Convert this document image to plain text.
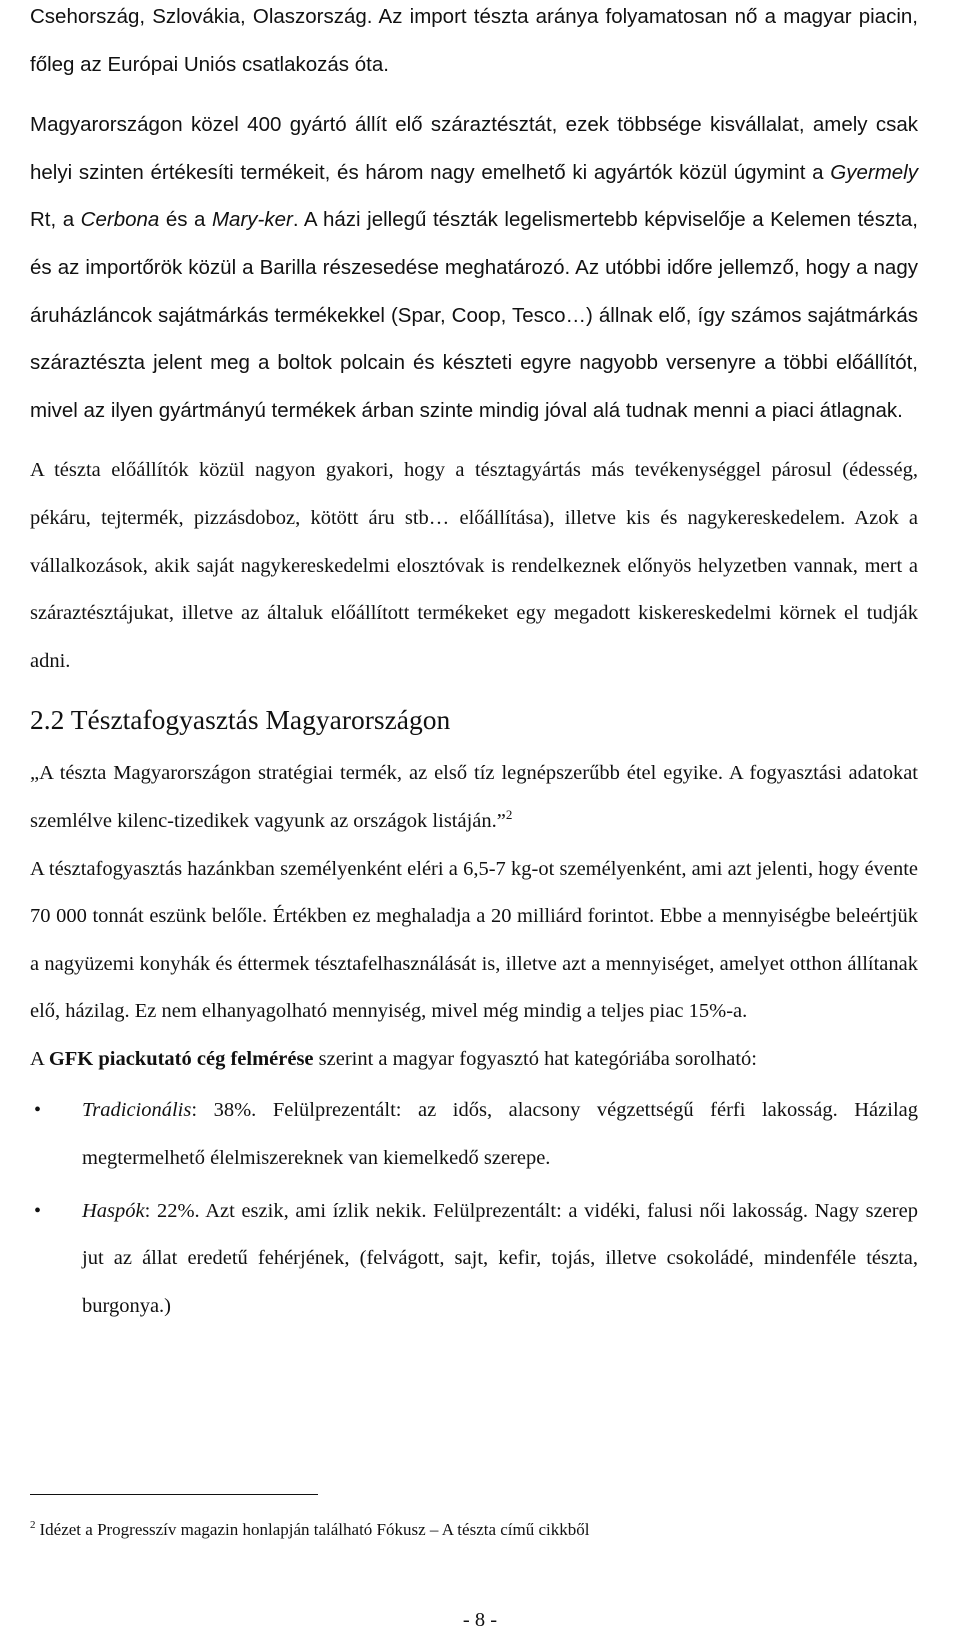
Csehország, Szlovákia, Olaszország. Az import tészta aránya folyamatosan nő a magyar piacin, főleg az Európai Uniós csatlakozás óta.

Magyarországon közel 400 gyártó állít elő száraztésztát, ezek többsége kisvállalat, amely csak helyi szinten értékesíti termékeit, és három nagy emelhető ki agyártók közül úgymint a Gyermely Rt, a Cerbona és a Mary-ker. A házi jellegű tészták legelismertebb képviselője a Kelemen tészta, és az importőrök közül a Barilla részesedése meghatározó. Az utóbbi időre jellemző, hogy a nagy áruházláncok sajátmárkás termékekkel (Spar, Coop, Tesco…) állnak elő, így számos sajátmárkás száraztészta jelent meg a boltok polcain és készteti egyre nagyobb versenyre a többi előállítót, mivel az ilyen gyártmányú termékek árban szinte mindig jóval alá tudnak menni a piaci átlagnak.

A tészta előállítók közül nagyon gyakori, hogy a tésztagyártás más tevékenységgel párosul (édesség, pékáru, tejtermék, pizzásdoboz, kötött áru stb… előállítása), illetve kis és nagykereskedelem. Azok a vállalkozások, akik saját nagykereskedelmi elosztóvak is rendelkeznek előnyös helyzetben vannak, mert a száraztésztájukat, illetve az általuk előállított termékeket egy megadott kiskereskedelmi körnek el tudják adni.

2.2 Tésztafogyasztás Magyarországon

„A tészta Magyarországon stratégiai termék, az első tíz legnépszerűbb étel egyike. A fogyasztási adatokat szemlélve kilenc-tizedikek vagyunk az országok listáján.”$^2$

A tésztafogyasztás hazánkban személyenként eléri a 6,5-7 kg-ot személyenként, ami azt jelenti, hogy évente 70 000 tonnát eszünk belőle. Értékben ez meghaladja a 20 milliárd forintot. Ebbe a mennyiségbe beleértjük a nagyüzemi konyhák és éttermek tésztafelhasználását is, illetve azt a mennyiséget, amelyet otthon állítanak elő, házilag. Ez nem elhanyagolható mennyiség, mivel még mindig a teljes piac 15%-a.

A GFK piackutató cég felmérése szerint a magyar fogyasztó hat kategóriába sorolható:

• Tradicionális: 38%. Felülprezentált: az idős, alacsony végzettségű férfi lakosság. Házilag megtermelhető élelmiszereknek van kiemelkedő szerepe.
• Haspók: 22%. Azt eszik, ami ízlik nekik. Felülprezentált: a vidéki, falusi női lakosság. Nagy szerep jut az állat eredetű fehérjének, (felvágott, sajt, kefir, tojás, illetve csokoládé, mindenféle tészta, burgonya.)
$^2$ Idézet a Progresszív magazin honlapján található Fókusz – A tészta című cikkből
- 8 -
